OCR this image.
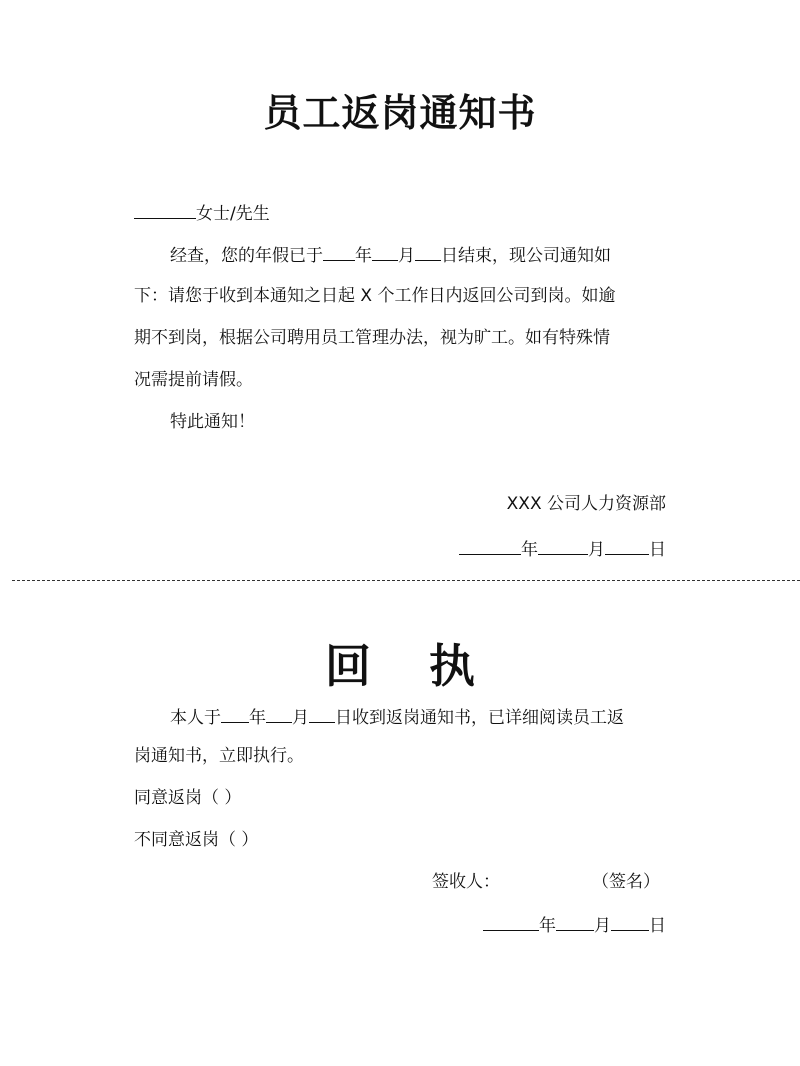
员工返岗通知书
女士/先生
经查，您的年假已于 年 月 日结束，现公司通知如
下：请您于收到本通知之日起 X 个工作日内返回公司到岗。如逾
期不到岗，根据公司聘用员工管理办法，视为旷工。如有特殊情
况需提前请假。
特此通知！
XXX 公司人力资源部
年	月	日
回 执
本人于 年 月 日收到返岗通知书，已详细阅读员工返
岗通知书，立即执行。
同意返岗（ ）
不同意返岗（ ）
签收人：	（签名）
年 月 日
